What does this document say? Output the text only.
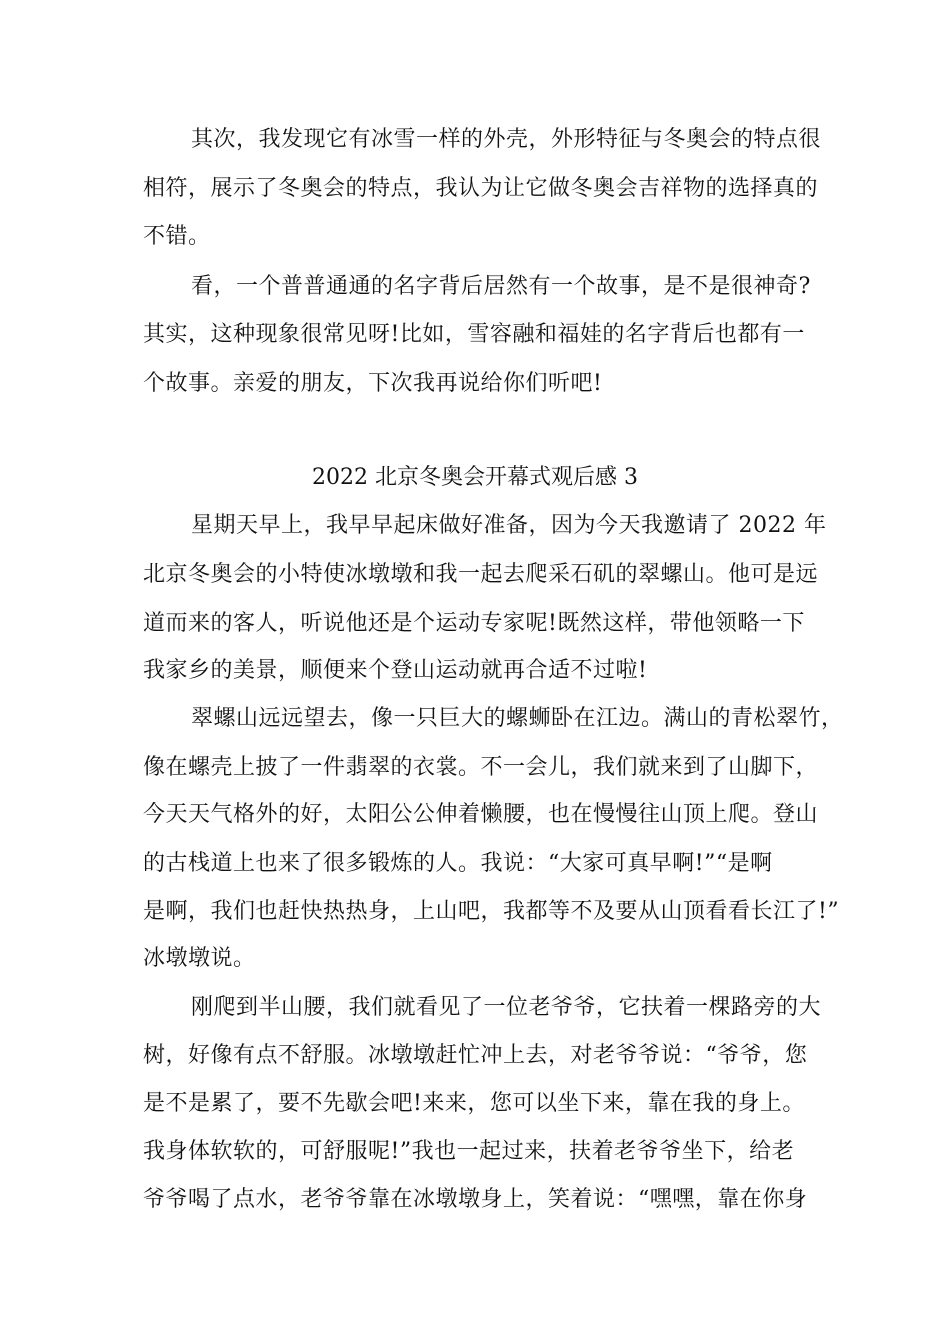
其次，我发现它有冰雪一样的外壳，外形特征与冬奥会的特点很
相符，展示了冬奥会的特点，我认为让它做冬奥会吉祥物的选择真的
不错。
看，一个普普通通的名字背后居然有一个故事，是不是很神奇?
其实，这种现象很常见呀!比如，雪容融和福娃的名字背后也都有一
个故事。亲爱的朋友，下次我再说给你们听吧!
2022 北京冬奥会开幕式观后感 3
星期天早上，我早早起床做好准备，因为今天我邀请了 2022 年
北京冬奥会的小特使冰墩墩和我一起去爬采石矶的翠螺山。他可是远
道而来的客人，听说他还是个运动专家呢!既然这样，带他领略一下
我家乡的美景，顺便来个登山运动就再合适不过啦!
翠螺山远远望去，像一只巨大的螺蛳卧在江边。满山的青松翠竹，
像在螺壳上披了一件翡翠的衣裳。不一会儿，我们就来到了山脚下，
今天天气格外的好，太阳公公伸着懒腰，也在慢慢往山顶上爬。登山
的古栈道上也来了很多锻炼的人。我说：“大家可真早啊!”“是啊
是啊，我们也赶快热热身，上山吧，我都等不及要从山顶看看长江了!”
冰墩墩说。
刚爬到半山腰，我们就看见了一位老爷爷，它扶着一棵路旁的大
树，好像有点不舒服。冰墩墩赶忙冲上去，对老爷爷说：“爷爷，您
是不是累了，要不先歇会吧!来来，您可以坐下来，靠在我的身上。
我身体软软的，可舒服呢!”我也一起过来，扶着老爷爷坐下，给老
爷爷喝了点水，老爷爷靠在冰墩墩身上，笑着说：“嘿嘿，靠在你身
